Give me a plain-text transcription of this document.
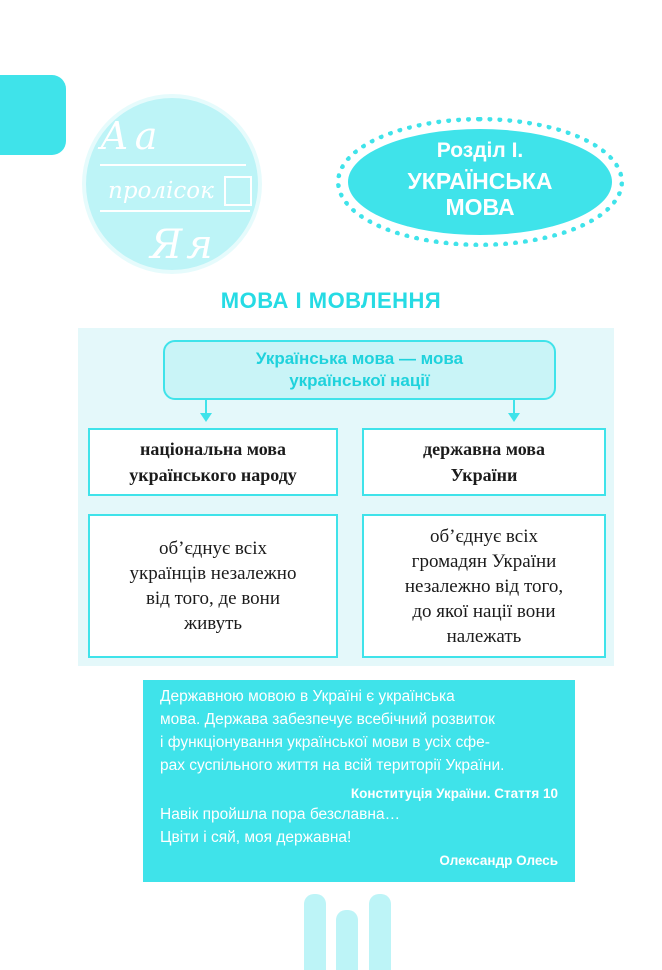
Аа
пролісок
Яя
Розділ І.
УКРАЇНСЬКА
МОВА
МОВА І МОВЛЕННЯ
Українська мова — мова
української нації
національна мова
українського народу
державна мова
України
об’єднує всіх
українців незалежно
від того, де вони
живуть
об’єднує всіх
громадян України
незалежно від того,
до якої нації вони
належать
Державною мовою в Україні є українська
мова. Держава забезпечує всебічний розвиток
і функціонування української мови в усіх сфе-
рах суспільного життя на всій території України.
Конституція України. Стаття 10
Навік пройшла пора безславна…
Цвіти і сяй, моя державна!
Олександр Олесь
4
